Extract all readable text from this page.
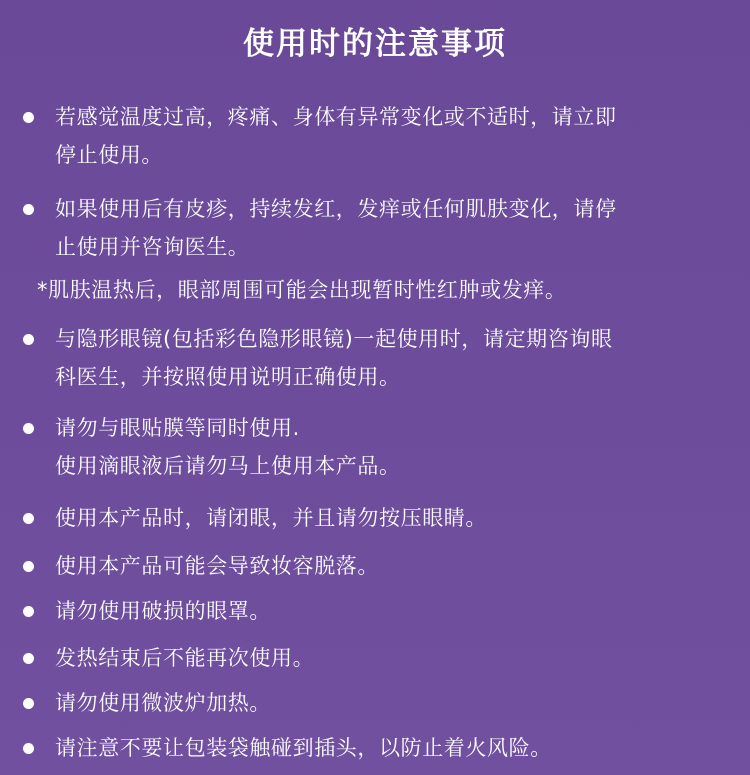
使用时的注意事项
若感觉温度过高，疼痛、身体有异常变化或不适时，请立即
停止使用。
如果使用后有皮疹，持续发红，发痒或任何肌肤变化，请停
止使用并咨询医生。
*肌肤温热后，眼部周围可能会出现暂时性红肿或发痒。
与隐形眼镜(包括彩色隐形眼镜)一起使用时，请定期咨询眼
科医生，并按照使用说明正确使用。
请勿与眼贴膜等同时使用.
使用滴眼液后请勿马上使用本产品。
使用本产品时，请闭眼，并且请勿按压眼睛。
使用本产品可能会导致妆容脱落。
请勿使用破损的眼罩。
发热结束后不能再次使用。
请勿使用微波炉加热。
请注意不要让包装袋触碰到插头，以防止着火风险。
